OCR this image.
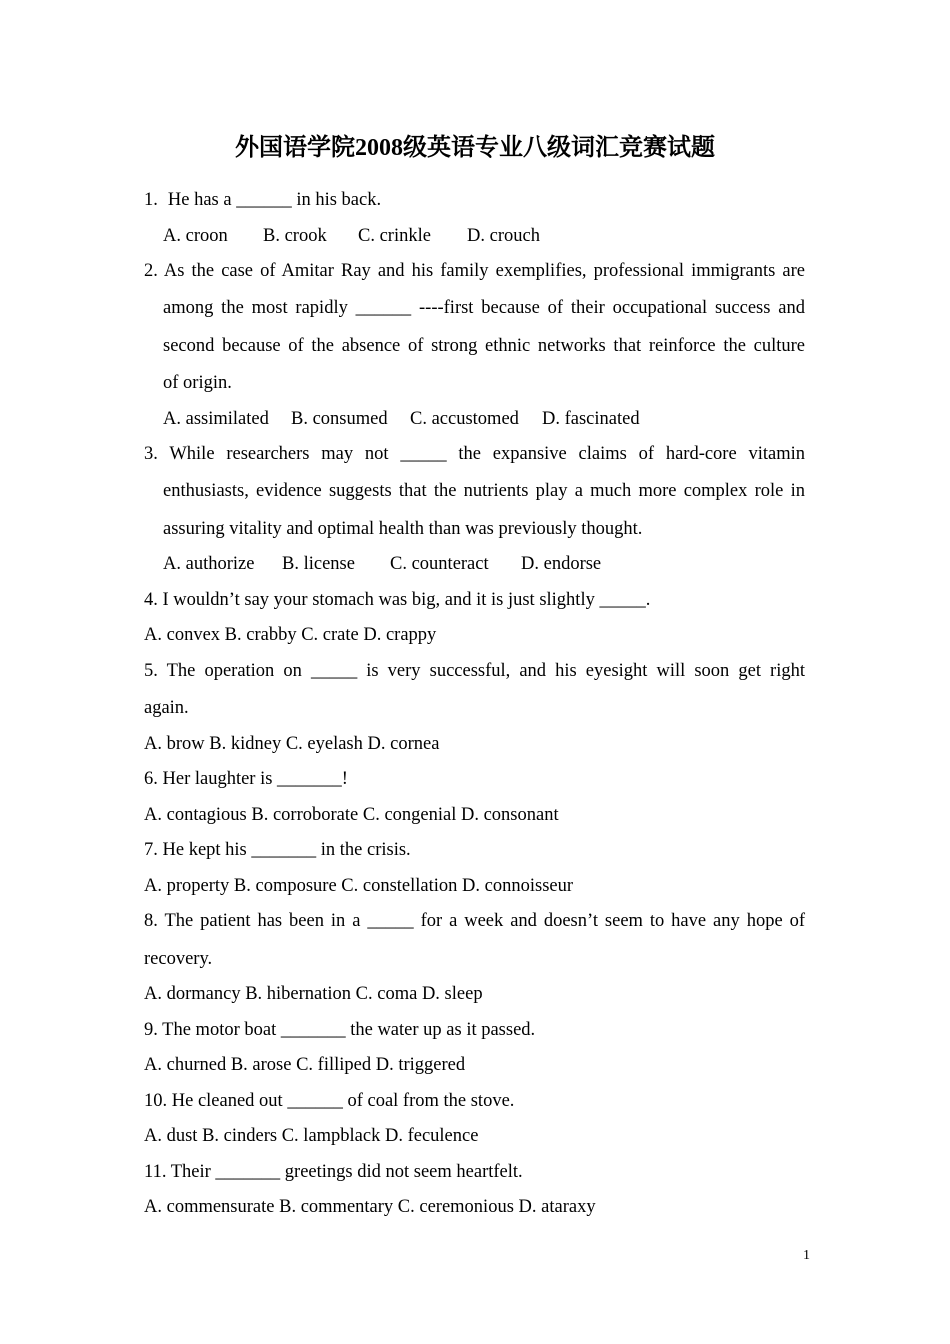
外国语学院2008级英语专业八级词汇竞赛试题
1. He has a ______ in his back.
A. croon B. crook C. crinkle D. crouch
2. As the case of Amitar Ray and his family exemplifies, professional immigrants are
among the most rapidly ______ ----first because of their occupational success and
second because of the absence of strong ethnic networks that reinforce the culture
of origin.
A. assimilated B. consumed C. accustomed D. fascinated
3. While researchers may not _____ the expansive claims of hard-core vitamin
enthusiasts, evidence suggests that the nutrients play a much more complex role in
assuring vitality and optimal health than was previously thought.
A. authorize B. license C. counteract D. endorse
4. I wouldn’t say your stomach was big, and it is just slightly _____.
A. convex B. crabby C. crate D. crappy
5. The operation on _____ is very successful, and his eyesight will soon get right
again.
A. brow B. kidney C. eyelash D. cornea
6. Her laughter is _______!
A. contagious B. corroborate C. congenial D. consonant
7. He kept his _______ in the crisis.
A. property B. composure C. constellation D. connoisseur
8. The patient has been in a _____ for a week and doesn’t seem to have any hope of
recovery.
A. dormancy B. hibernation C. coma D. sleep
9. The motor boat _______ the water up as it passed.
A. churned B. arose C. filliped D. triggered
10. He cleaned out ______ of coal from the stove.
A. dust B. cinders C. lampblack D. feculence
11. Their _______ greetings did not seem heartfelt.
A. commensurate B. commentary C. ceremonious D. ataraxy
1
